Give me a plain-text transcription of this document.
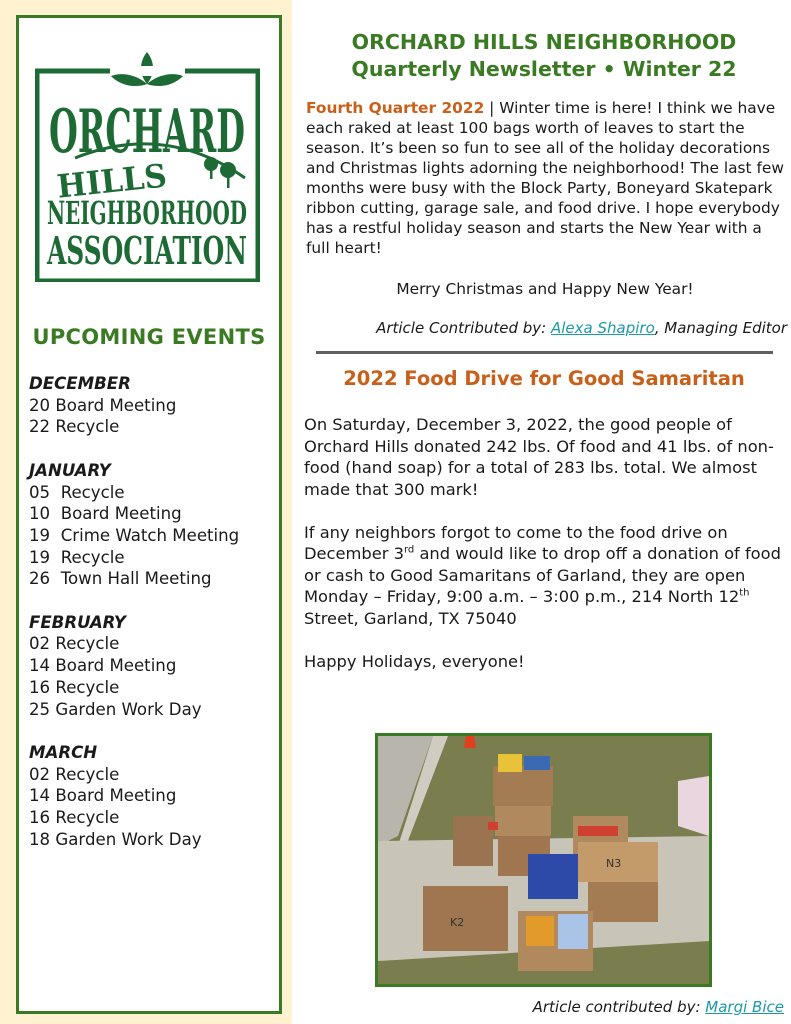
ORCHARD
HILLS
NEIGHBORHOOD
ASSOCIATION
UPCOMING EVENTS
DECEMBER
20 Board Meeting
22 Recycle
JANUARY
05 Recycle
10 Board Meeting
19 Crime Watch Meeting
19 Recycle
26 Town Hall Meeting
FEBRUARY
02 Recycle
14 Board Meeting
16 Recycle
25 Garden Work Day
MARCH
02 Recycle
14 Board Meeting
16 Recycle
18 Garden Work Day
ORCHARD HILLS NEIGHBORHOOD
Quarterly Newsletter • Winter 22
Fourth Quarter 2022 | Winter time is here! I think we have each raked at least 100 bags worth of leaves to start the season. It’s been so fun to see all of the holiday decorations and Christmas lights adorning the neighborhood! The last few months were busy with the Block Party, Boneyard Skatepark ribbon cutting, garage sale, and food drive. I hope everybody has a restful holiday season and starts the New Year with a full heart!
Merry Christmas and Happy New Year!
Article Contributed by: Alexa Shapiro, Managing Editor
2022 Food Drive for Good Samaritan

On Saturday, December 3, 2022, the good people of Orchard Hills donated 242 lbs. Of food and 41 lbs. of non-food (hand soap) for a total of 283 lbs. total. We almost made that 300 mark!

If any neighbors forgot to come to the food drive on December 3rd and would like to drop off a donation of food or cash to Good Samaritans of Garland, they are open Monday – Friday, 9:00 a.m. – 3:00 p.m., 214 North 12th Street, Garland, TX 75040

Happy Holidays, everyone!

N3
K2
Article contributed by: Margi Bice
